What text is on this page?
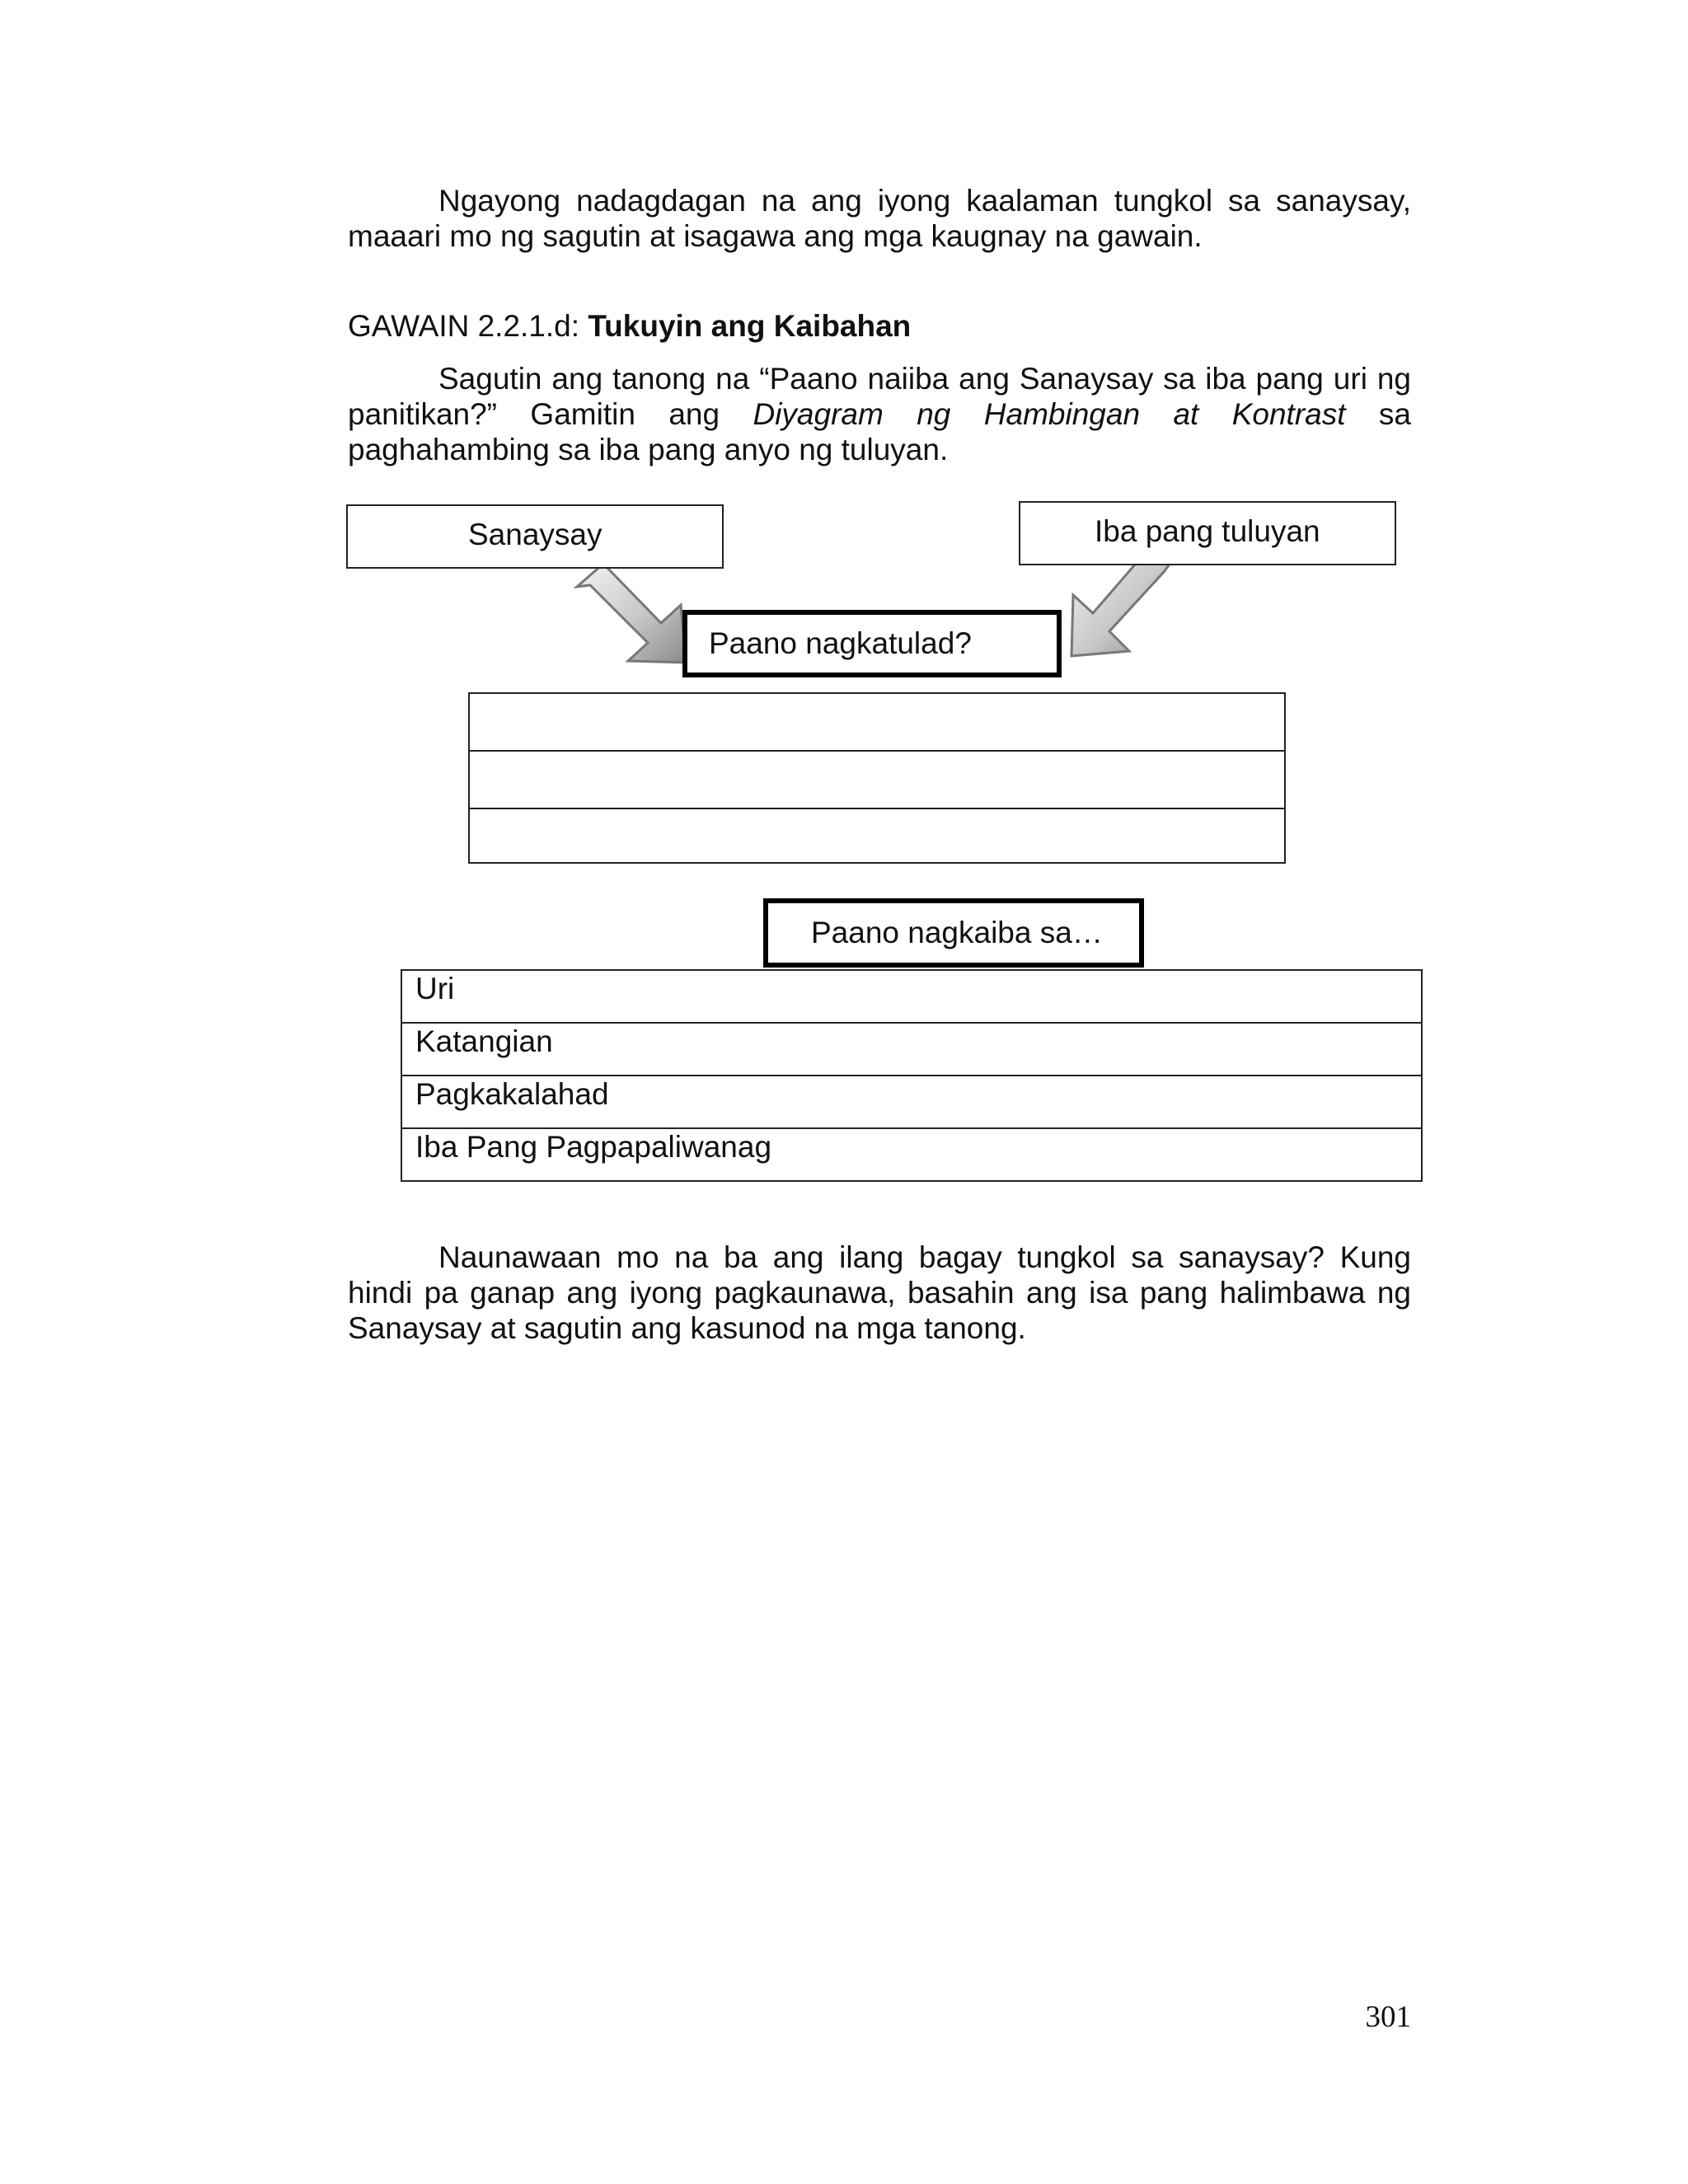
Ngayong nadagdagan na ang iyong kaalaman tungkol sa sanaysay, maaari mo ng sagutin at isagawa ang mga kaugnay na gawain.

GAWAIN 2.2.1.d: Tukuyin ang Kaibahan

Sagutin ang tanong na “Paano naiiba ang Sanaysay sa iba pang uri ng panitikan?” Gamitin ang Diyagram ng Hambingan at Kontrast sa paghahambing sa iba pang anyo ng tuluyan.

Sanaysay	Iba pang tuluyan
Paano nagkatulad?
Paano nagkaiba sa…
Uri
Katangian
Pagkakalahad
Iba Pang Pagpapaliwanag

Naunawaan mo na ba ang ilang bagay tungkol sa sanaysay? Kung hindi pa ganap ang iyong pagkaunawa, basahin ang isa pang halimbawa ng Sanaysay at sagutin ang kasunod na mga tanong.

301
